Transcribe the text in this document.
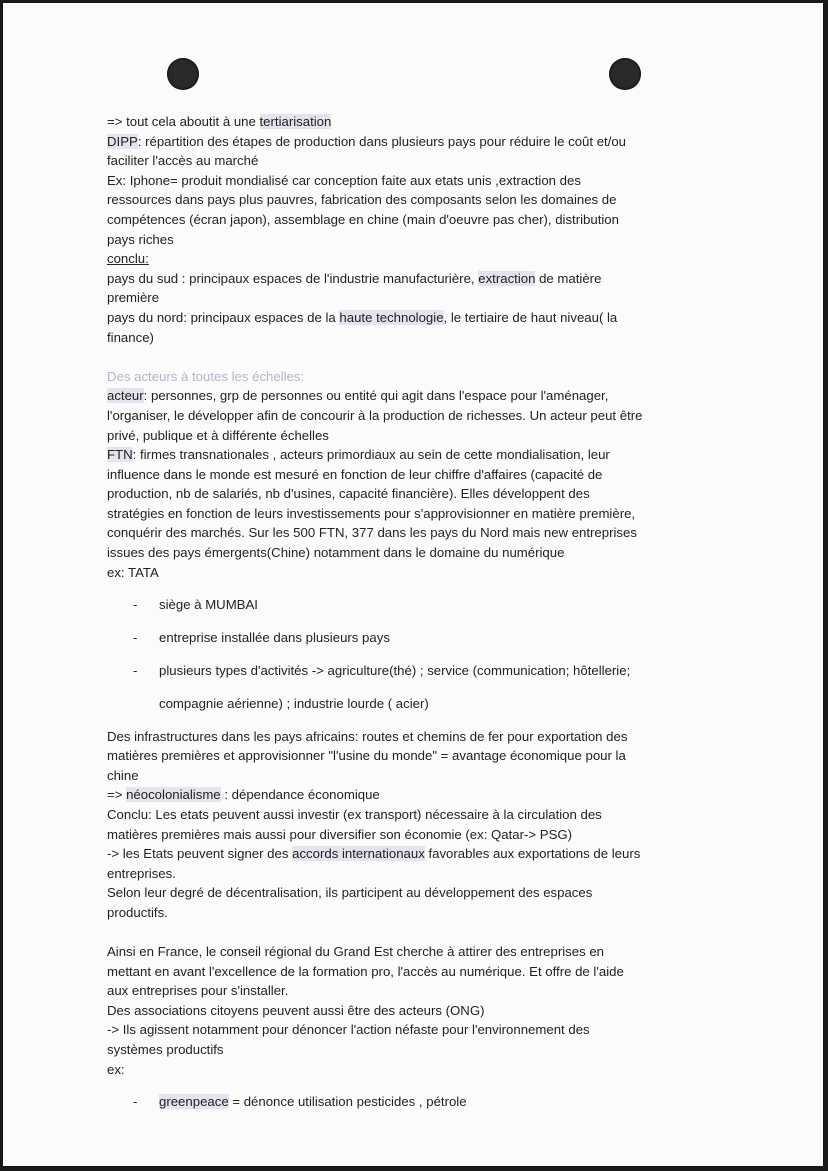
=> tout cela aboutit à une tertiarisation

DIPP: répartition des étapes de production dans plusieurs pays pour réduire le coût et/ou

faciliter l'accès au marché

Ex: Iphone= produit mondialisé car conception faite aux etats unis ,extraction des

ressources dans pays plus pauvres, fabrication des composants selon les domaines de

compétences (écran japon), assemblage en chine (main d'oeuvre pas cher), distribution

pays riches

conclu:

pays du sud : principaux espaces de l'industrie manufacturière, extraction de matière

première

pays du nord: principaux espaces de la haute technologie, le tertiaire de haut niveau( la

finance)

Des acteurs à toutes les échelles:

acteur: personnes, grp de personnes ou entité qui agit dans l'espace pour l'aménager,

l'organiser, le développer afin de concourir à la production de richesses. Un acteur peut être

privé, publique et à différente échelles

FTN: firmes transnationales , acteurs primordiaux au sein de cette mondialisation, leur

influence dans le monde est mesuré en fonction de leur chiffre d'affaires (capacité de

production, nb de salariés, nb d'usines, capacité financière). Elles développent des

stratégies en fonction de leurs investissements pour s'approvisionner en matière première,

conquérir des marchés. Sur les 500 FTN, 377 dans les pays du Nord mais new entreprises

issues des pays émergents(Chine) notamment dans le domaine du numérique

ex: TATA

- siège à MUMBAI

- entreprise installée dans plusieurs pays

- plusieurs types d'activités -> agriculture(thé) ; service (communication; hôtellerie;

compagnie aérienne) ; industrie lourde ( acier)

Des infrastructures dans les pays africains: routes et chemins de fer pour exportation des

matières premières et approvisionner "l'usine du monde" = avantage économique pour la

chine

=> néocolonialisme : dépendance économique

Conclu: Les etats peuvent aussi investir (ex transport) nécessaire à la circulation des

matières premières mais aussi pour diversifier son économie (ex: Qatar-> PSG)

-> les Etats peuvent signer des accords internationaux favorables aux exportations de leurs

entreprises.

Selon leur degré de décentralisation, ils participent au développement des espaces

productifs.

Ainsi en France, le conseil régional du Grand Est cherche à attirer des entreprises en

mettant en avant l'excellence de la formation pro, l'accès au numérique. Et offre de l'aide

aux entreprises pour s'installer.

Des associations citoyens peuvent aussi être des acteurs (ONG)

-> Ils agissent notamment pour dénoncer l'action néfaste pour l'environnement des

systèmes productifs

ex:

- greenpeace = dénonce utilisation pesticides , pétrole
